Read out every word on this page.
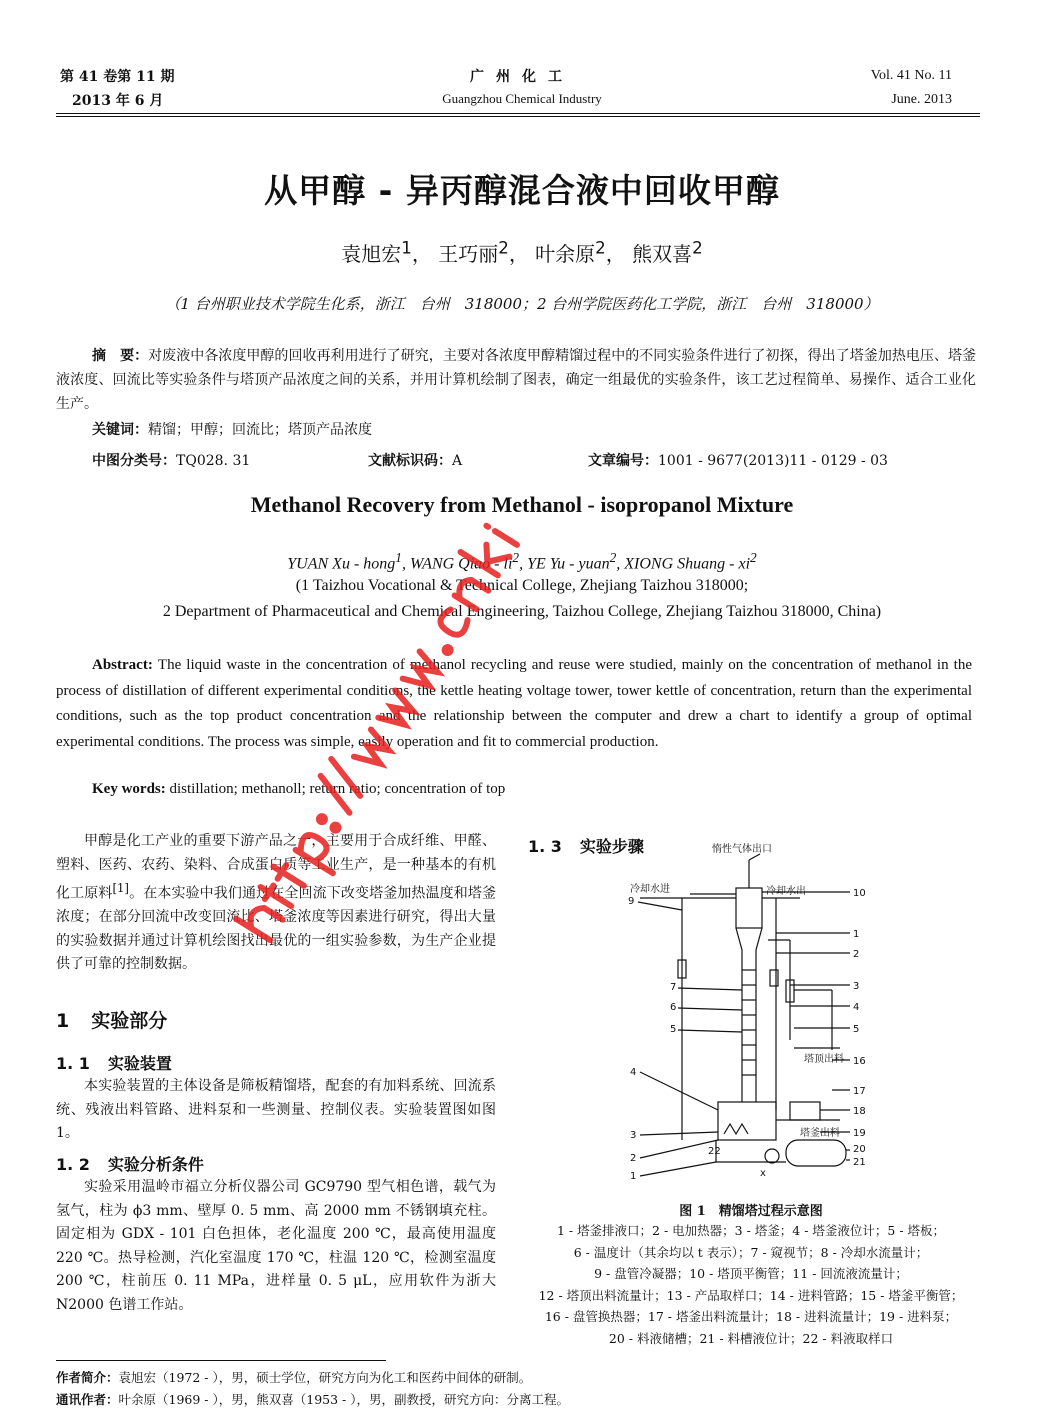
第 41 卷第 11 期
2013 年 6 月
广州化工
Guangzhou Chemical Industry
Vol. 41 No. 11
June. 2013
从甲醇 - 异丙醇混合液中回收甲醇
袁旭宏$^1$， 王巧丽$^2$， 叶余原$^2$， 熊双喜$^2$
（1 台州职业技术学院生化系，浙江　台州　318000；2 台州学院医药化工学院，浙江　台州　318000）
摘　要：对废液中各浓度甲醇的回收再利用进行了研究，主要对各浓度甲醇精馏过程中的不同实验条件进行了初探，得出了塔釜加热电压、塔釜液浓度、回流比等实验条件与塔顶产品浓度之间的关系，并用计算机绘制了图表，确定一组最优的实验条件，该工艺过程简单、易操作、适合工业化生产。
关键词：精馏；甲醇；回流比；塔顶产品浓度
中图分类号：TQ028. 31	文献标识码：A	文章编号：1001 - 9677(2013)11 - 0129 - 03
Methanol Recovery from Methanol - isopropanol Mixture
YUAN Xu - hong$^1$, WANG Qiao - $li^2$, YE Yu - yuan$^2$, XIONG Shuang - $xi^2$
(1 Taizhou Vocational & Technical College, Zhejiang Taizhou 318000;
2 Department of Pharmaceutical and Chemical Engineering, Taizhou College, Zhejiang Taizhou 318000, China)
Abstract: The liquid waste in the concentration of methanol recycling and reuse were studied, mainly on the concentration of methanol in the process of distillation of different experimental conditions, the kettle heating voltage tower, tower kettle of concentration, return than the experimental conditions, such as the top product concentration and the relationship between the computer and drew a chart to identify a group of optimal experimental conditions. The process was simple, easily operation and fit to commercial production.
Key words: distillation; methanoll; return ratio; concentration of top

甲醇是化工产业的重要下游产品之一，主要用于合成纤维、甲醛、塑料、医药、农药、染料、合成蛋白质等工业生产，是一种基本的有机化工原料[1]。在本实验中我们通过在全回流下改变塔釜加热温度和塔釜浓度；在部分回流中改变回流比、塔釜浓度等因素进行研究，得出大量的实验数据并通过计算机绘图找出最优的一组实验参数，为生产企业提供了可靠的控制数据。

1 实验部分
1. 1 实验装置

本实验装置的主体设备是筛板精馏塔，配套的有加料系统、回流系统、残液出料管路、进料泵和一些测量、控制仪表。实验装置图如图 1。

1. 2 实验分析条件

实验采用温岭市福立分析仪器公司 GC9790 型气相色谱，载气为氢气，柱为 ϕ3 mm、壁厚 0. 5 mm、高 2000 mm 不锈钢填充柱。固定相为 GDX - 101 白色担体，老化温度 200 ℃，最高使用温度 220 ℃。热导检测，汽化室温度 170 ℃，柱温 120 ℃，检测室温度 200 ℃，柱前压 0. 11 MPa，进样量 0. 5 μL，应用软件为浙大 N2000 色谱工作站。

1. 3 实验步骤	惰性气体出口
冷却水进	冷却水出
塔顶出料
塔釜出料
x
22
9
7
6
5
4
3
2
1
10
1
2
3
4
5
16
17
18
19
20
21
图 1　精馏塔过程示意图
1 - 塔釜排液口；2 - 电加热器；3 - 塔釜；4 - 塔釜液位计；5 - 塔板；
6 - 温度计（其余均以 t 表示）；7 - 窥视节；8 - 冷却水流量计；
9 - 盘管冷凝器；10 - 塔顶平衡管；11 - 回流液流量计；
12 - 塔顶出料流量计；13 - 产品取样口；14 - 进料管路；15 - 塔釜平衡管；
16 - 盘管换热器；17 - 塔釜出料流量计；18 - 进料流量计；19 - 进料泵；
20 - 料液储槽；21 - 料槽液位计；22 - 料液取样口
作者简介：袁旭宏（1972 - ），男，硕士学位，研究方向为化工和医药中间体的研制。
通讯作者：叶余原（1969 - ），男，熊双喜（1953 - ），男，副教授，研究方向：分离工程。
